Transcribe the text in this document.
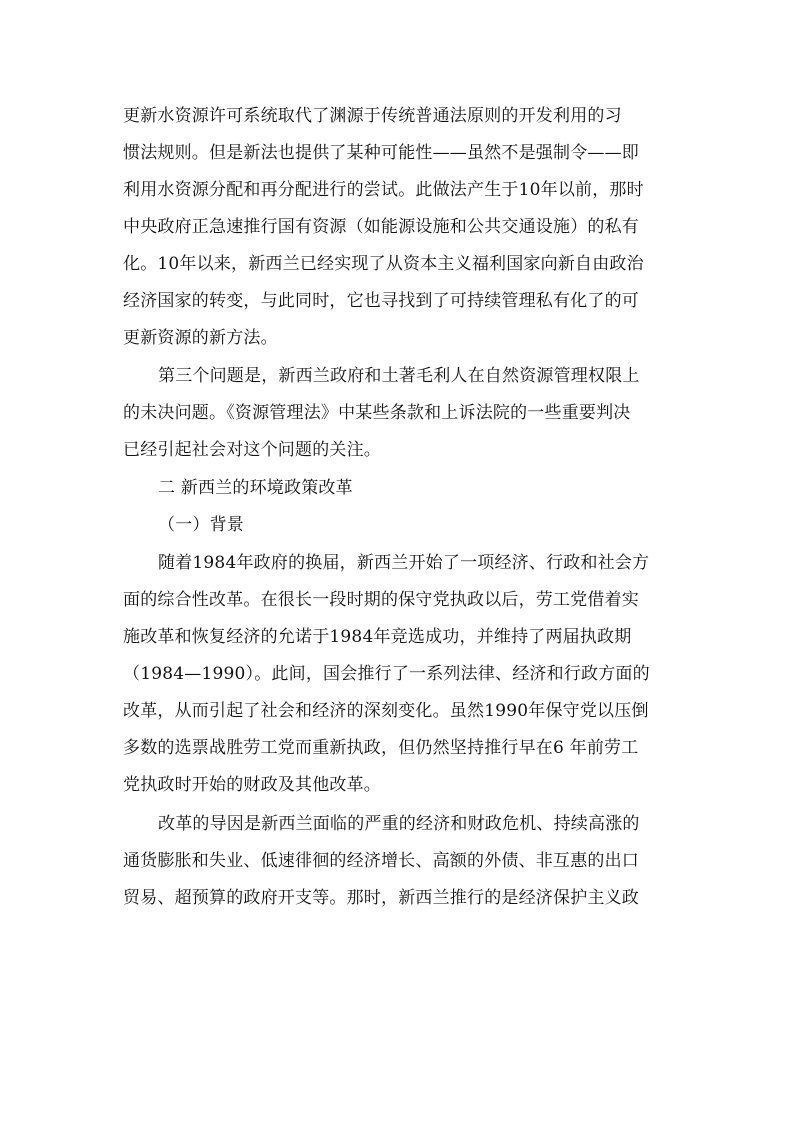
更新水资源许可系统取代了渊源于传统普通法原则的开发利用的习
惯法规则。但是新法也提供了某种可能性——虽然不是强制令——即
利用水资源分配和再分配进行的尝试。此做法产生于10年以前，那时
中央政府正急速推行国有资源（如能源设施和公共交通设施）的私有
化。10年以来，新西兰已经实现了从资本主义福利国家向新自由政治
经济国家的转变，与此同时，它也寻找到了可持续管理私有化了的可
更新资源的新方法。
第三个问题是，新西兰政府和土著毛利人在自然资源管理权限上
的未决问题。《资源管理法》中某些条款和上诉法院的一些重要判决
已经引起社会对这个问题的关注。
二 新西兰的环境政策改革
（一）背景
随着1984年政府的换届，新西兰开始了一项经济、行政和社会方
面的综合性改革。在很长一段时期的保守党执政以后，劳工党借着实
施改革和恢复经济的允诺于1984年竞选成功，并维持了两届执政期
（1984—1990）。此间，国会推行了一系列法律、经济和行政方面的
改革，从而引起了社会和经济的深刻变化。虽然1990年保守党以压倒
多数的选票战胜劳工党而重新执政，但仍然坚持推行早在6 年前劳工
党执政时开始的财政及其他改革。
改革的导因是新西兰面临的严重的经济和财政危机、持续高涨的
通货膨胀和失业、低速徘徊的经济增长、高额的外债、非互惠的出口
贸易、超预算的政府开支等。那时，新西兰推行的是经济保护主义政
